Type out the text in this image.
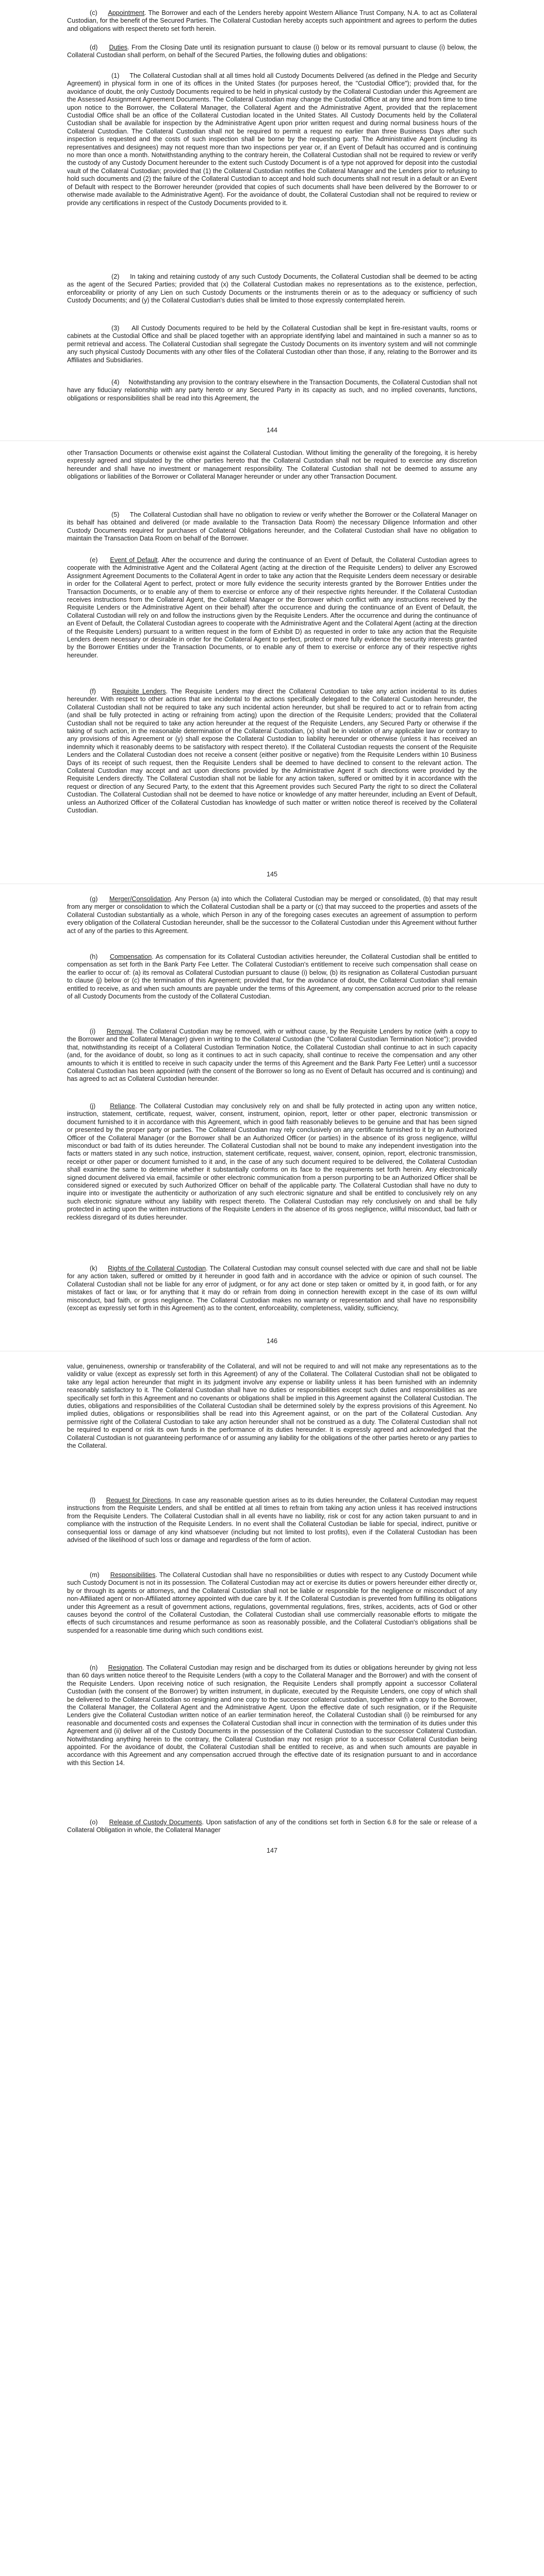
(c) Appointment. The Borrower and each of the Lenders hereby appoint Western Alliance Trust Company, N.A. to act as Collateral Custodian, for the benefit of the Secured Parties. The Collateral Custodian hereby accepts such appointment and agrees to perform the duties and obligations with respect thereto set forth herein.

(d) Duties. From the Closing Date until its resignation pursuant to clause (i) below or its removal pursuant to clause (i) below, the Collateral Custodian shall perform, on behalf of the Secured Parties, the following duties and obligations:

(1) The Collateral Custodian shall at all times hold all Custody Documents Delivered (as defined in the Pledge and Security Agreement) in physical form in one of its offices in the United States (for purposes hereof, the "Custodial Office"); provided that, for the avoidance of doubt, the only Custody Documents required to be held in physical custody by the Collateral Custodian under this Agreement are the Assessed Assignment Agreement Documents. The Collateral Custodian may change the Custodial Office at any time and from time to time upon notice to the Borrower, the Collateral Manager, the Collateral Agent and the Administrative Agent, provided that the replacement Custodial Office shall be an office of the Collateral Custodian located in the United States. All Custody Documents held by the Collateral Custodian shall be available for inspection by the Administrative Agent upon prior written request and during normal business hours of the Collateral Custodian. The Collateral Custodian shall not be required to permit a request no earlier than three Business Days after such inspection is requested and the costs of such inspection shall be borne by the requesting party. The Administrative Agent (including its representatives and designees) may not request more than two inspections per year or, if an Event of Default has occurred and is continuing no more than once a month. Notwithstanding anything to the contrary herein, the Collateral Custodian shall not be required to review or verify the custody of any Custody Document hereunder to the extent such Custody Document is of a type not approved for deposit into the custodial vault of the Collateral Custodian; provided that (1) the Collateral Custodian notifies the Collateral Manager and the Lenders prior to refusing to hold such documents and (2) the failure of the Collateral Custodian to accept and hold such documents shall not result in a default or an Event of Default with respect to the Borrower hereunder (provided that copies of such documents shall have been delivered by the Borrower to or otherwise made available to the Administrative Agent). For the avoidance of doubt, the Collateral Custodian shall not be required to review or provide any certifications in respect of the Custody Documents provided to it.

(2) In taking and retaining custody of any such Custody Documents, the Collateral Custodian shall be deemed to be acting as the agent of the Secured Parties; provided that (x) the Collateral Custodian makes no representations as to the existence, perfection, enforceability or priority of any Lien on such Custody Documents or the instruments therein or as to the adequacy or sufficiency of such Custody Documents; and (y) the Collateral Custodian's duties shall be limited to those expressly contemplated herein.

(3) All Custody Documents required to be held by the Collateral Custodian shall be kept in fire-resistant vaults, rooms or cabinets at the Custodial Office and shall be placed together with an appropriate identifying label and maintained in such a manner so as to permit retrieval and access. The Collateral Custodian shall segregate the Custody Documents on its inventory system and will not commingle any such physical Custody Documents with any other files of the Collateral Custodian other than those, if any, relating to the Borrower and its Affiliates and Subsidiaries.

(4) Notwithstanding any provision to the contrary elsewhere in the Transaction Documents, the Collateral Custodian shall not have any fiduciary relationship with any party hereto or any Secured Party in its capacity as such, and no implied covenants, functions, obligations or responsibilities shall be read into this Agreement, the

144

other Transaction Documents or otherwise exist against the Collateral Custodian. Without limiting the generality of the foregoing, it is hereby expressly agreed and stipulated by the other parties hereto that the Collateral Custodian shall not be required to exercise any discretion hereunder and shall have no investment or management responsibility. The Collateral Custodian shall not be deemed to assume any obligations or liabilities of the Borrower or Collateral Manager hereunder or under any other Transaction Document.

(5) The Collateral Custodian shall have no obligation to review or verify whether the Borrower or the Collateral Manager on its behalf has obtained and delivered (or made available to the Transaction Data Room) the necessary Diligence Information and other Custody Documents required for purchases of Collateral Obligations hereunder, and the Collateral Custodian shall have no obligation to maintain the Transaction Data Room on behalf of the Borrower.

(e) Event of Default. After the occurrence and during the continuance of an Event of Default, the Collateral Custodian agrees to cooperate with the Administrative Agent and the Collateral Agent (acting at the direction of the Requisite Lenders) to deliver any Escrowed Assignment Agreement Documents to the Collateral Agent in order to take any action that the Requisite Lenders deem necessary or desirable in order for the Collateral Agent to perfect, protect or more fully evidence the security interests granted by the Borrower Entities under the Transaction Documents, or to enable any of them to exercise or enforce any of their respective rights hereunder. If the Collateral Custodian receives instructions from the Collateral Agent, the Collateral Manager or the Borrower which conflict with any instructions received by the Requisite Lenders or the Administrative Agent on their behalf) after the occurrence and during the continuance of an Event of Default, the Collateral Custodian will rely on and follow the instructions given by the Requisite Lenders. After the occurrence and during the continuance of an Event of Default, the Collateral Custodian agrees to cooperate with the Administrative Agent and the Collateral Agent (acting at the direction of the Requisite Lenders) pursuant to a written request in the form of Exhibit D) as requested in order to take any action that the Requisite Lenders deem necessary or desirable in order for the Collateral Agent to perfect, protect or more fully evidence the security interests granted by the Borrower Entities under the Transaction Documents, or to enable any of them to exercise or enforce any of their respective rights hereunder.

(f) Requisite Lenders. The Requisite Lenders may direct the Collateral Custodian to take any action incidental to its duties hereunder. With respect to other actions that are incidental to the actions specifically delegated to the Collateral Custodian hereunder, the Collateral Custodian shall not be required to take any such incidental action hereunder, but shall be required to act or to refrain from acting (and shall be fully protected in acting or refraining from acting) upon the direction of the Requisite Lenders; provided that the Collateral Custodian shall not be required to take any action hereunder at the request of the Requisite Lenders, any Secured Party or otherwise if the taking of such action, in the reasonable determination of the Collateral Custodian, (x) shall be in violation of any applicable law or contrary to any provisions of this Agreement or (y) shall expose the Collateral Custodian to liability hereunder or otherwise (unless it has received an indemnity which it reasonably deems to be satisfactory with respect thereto). If the Collateral Custodian requests the consent of the Requisite Lenders and the Collateral Custodian does not receive a consent (either positive or negative) from the Requisite Lenders within 10 Business Days of its receipt of such request, then the Requisite Lenders shall be deemed to have declined to consent to the relevant action. The Collateral Custodian may accept and act upon directions provided by the Administrative Agent if such directions were provided by the Requisite Lenders directly. The Collateral Custodian shall not be liable for any action taken, suffered or omitted by it in accordance with the request or direction of any Secured Party, to the extent that this Agreement provides such Secured Party the right to so direct the Collateral Custodian. The Collateral Custodian shall not be deemed to have notice or knowledge of any matter hereunder, including an Event of Default, unless an Authorized Officer of the Collateral Custodian has knowledge of such matter or written notice thereof is received by the Collateral Custodian.

145

(g) Merger/Consolidation. Any Person (a) into which the Collateral Custodian may be merged or consolidated, (b) that may result from any merger or consolidation to which the Collateral Custodian shall be a party or (c) that may succeed to the properties and assets of the Collateral Custodian substantially as a whole, which Person in any of the foregoing cases executes an agreement of assumption to perform every obligation of the Collateral Custodian hereunder, shall be the successor to the Collateral Custodian under this Agreement without further act of any of the parties to this Agreement.

(h) Compensation. As compensation for its Collateral Custodian activities hereunder, the Collateral Custodian shall be entitled to compensation as set forth in the Bank Party Fee Letter. The Collateral Custodian's entitlement to receive such compensation shall cease on the earlier to occur of: (a) its removal as Collateral Custodian pursuant to clause (i) below, (b) its resignation as Collateral Custodian pursuant to clause (j) below or (c) the termination of this Agreement; provided that, for the avoidance of doubt, the Collateral Custodian shall remain entitled to receive, as and when such amounts are payable under the terms of this Agreement, any compensation accrued prior to the release of all Custody Documents from the custody of the Collateral Custodian.

(i) Removal. The Collateral Custodian may be removed, with or without cause, by the Requisite Lenders by notice (with a copy to the Borrower and the Collateral Manager) given in writing to the Collateral Custodian (the "Collateral Custodian Termination Notice"); provided that, notwithstanding its receipt of a Collateral Custodian Termination Notice, the Collateral Custodian shall continue to act in such capacity (and, for the avoidance of doubt, so long as it continues to act in such capacity, shall continue to receive the compensation and any other amounts to which it is entitled to receive in such capacity under the terms of this Agreement and the Bank Party Fee Letter) until a successor Collateral Custodian has been appointed (with the consent of the Borrower so long as no Event of Default has occurred and is continuing) and has agreed to act as Collateral Custodian hereunder.

(j) Reliance. The Collateral Custodian may conclusively rely on and shall be fully protected in acting upon any written notice, instruction, statement, certificate, request, waiver, consent, instrument, opinion, report, letter or other paper, electronic transmission or document furnished to it in accordance with this Agreement, which in good faith reasonably believes to be genuine and that has been signed or presented by the proper party or parties. The Collateral Custodian may rely conclusively on any certificate furnished to it by an Authorized Officer of the Collateral Manager (or the Borrower shall be an Authorized Officer (or parties) in the absence of its gross negligence, willful misconduct or bad faith of its duties hereunder. The Collateral Custodian shall not be bound to make any independent investigation into the facts or matters stated in any such notice, instruction, statement certificate, request, waiver, consent, opinion, report, electronic transmission, receipt or other paper or document furnished to it and, in the case of any such document required to be delivered, the Collateral Custodian shall examine the same to determine whether it substantially conforms on its face to the requirements set forth herein. Any electronically signed document delivered via email, facsimile or other electronic communication from a person purporting to be an Authorized Officer shall be considered signed or executed by such Authorized Officer on behalf of the applicable party. The Collateral Custodian shall have no duty to inquire into or investigate the authenticity or authorization of any such electronic signature and shall be entitled to conclusively rely on any such electronic signature without any liability with respect thereto. The Collateral Custodian may rely conclusively on and shall be fully protected in acting upon the written instructions of the Requisite Lenders in the absence of its gross negligence, willful misconduct, bad faith or reckless disregard of its duties hereunder.

(k) Rights of the Collateral Custodian. The Collateral Custodian may consult counsel selected with due care and shall not be liable for any action taken, suffered or omitted by it hereunder in good faith and in accordance with the advice or opinion of such counsel. The Collateral Custodian shall not be liable for any error of judgment, or for any act done or step taken or omitted by it, in good faith, or for any mistakes of fact or law, or for anything that it may do or refrain from doing in connection herewith except in the case of its own willful misconduct, bad faith, or gross negligence. The Collateral Custodian makes no warranty or representation and shall have no responsibility (except as expressly set forth in this Agreement) as to the content, enforceability, completeness, validity, sufficiency,

146

value, genuineness, ownership or transferability of the Collateral, and will not be required to and will not make any representations as to the validity or value (except as expressly set forth in this Agreement) of any of the Collateral. The Collateral Custodian shall not be obligated to take any legal action hereunder that might in its judgment involve any expense or liability unless it has been furnished with an indemnity reasonably satisfactory to it. The Collateral Custodian shall have no duties or responsibilities except such duties and responsibilities as are specifically set forth in this Agreement and no covenants or obligations shall be implied in this Agreement against the Collateral Custodian. The duties, obligations and responsibilities of the Collateral Custodian shall be determined solely by the express provisions of this Agreement. No implied duties, obligations or responsibilities shall be read into this Agreement against, or on the part of the Collateral Custodian. Any permissive right of the Collateral Custodian to take any action hereunder shall not be construed as a duty. The Collateral Custodian shall not be required to expend or risk its own funds in the performance of its duties hereunder. It is expressly agreed and acknowledged that the Collateral Custodian is not guaranteeing performance of or assuming any liability for the obligations of the other parties hereto or any parties to the Collateral.

(l) Request for Directions. In case any reasonable question arises as to its duties hereunder, the Collateral Custodian may request instructions from the Requisite Lenders, and shall be entitled at all times to refrain from taking any action unless it has received instructions from the Requisite Lenders. The Collateral Custodian shall in all events have no liability, risk or cost for any action taken pursuant to and in compliance with the instruction of the Requisite Lenders. In no event shall the Collateral Custodian be liable for special, indirect, punitive or consequential loss or damage of any kind whatsoever (including but not limited to lost profits), even if the Collateral Custodian has been advised of the likelihood of such loss or damage and regardless of the form of action.

(m) Responsibilities. The Collateral Custodian shall have no responsibilities or duties with respect to any Custody Document while such Custody Document is not in its possession. The Collateral Custodian may act or exercise its duties or powers hereunder either directly or, by or through its agents or attorneys, and the Collateral Custodian shall not be liable or responsible for the negligence or misconduct of any non-Affiliated agent or non-Affiliated attorney appointed with due care by it. If the Collateral Custodian is prevented from fulfilling its obligations under this Agreement as a result of government actions, regulations, governmental regulations, fires, strikes, accidents, acts of God or other causes beyond the control of the Collateral Custodian, the Collateral Custodian shall use commercially reasonable efforts to mitigate the effects of such circumstances and resume performance as soon as reasonably possible, and the Collateral Custodian's obligations shall be suspended for a reasonable time during which such conditions exist.

(n) Resignation. The Collateral Custodian may resign and be discharged from its duties or obligations hereunder by giving not less than 60 days written notice thereof to the Requisite Lenders (with a copy to the Collateral Manager and the Borrower) and with the consent of the Requisite Lenders. Upon receiving notice of such resignation, the Requisite Lenders shall promptly appoint a successor Collateral Custodian (with the consent of the Borrower) by written instrument, in duplicate, executed by the Requisite Lenders, one copy of which shall be delivered to the Collateral Custodian so resigning and one copy to the successor collateral custodian, together with a copy to the Borrower, the Collateral Manager, the Collateral Agent and the Administrative Agent. Upon the effective date of such resignation, or if the Requisite Lenders give the Collateral Custodian written notice of an earlier termination hereof, the Collateral Custodian shall (i) be reimbursed for any reasonable and documented costs and expenses the Collateral Custodian shall incur in connection with the termination of its duties under this Agreement and (ii) deliver all of the Custody Documents in the possession of the Collateral Custodian to the successor Collateral Custodian. Notwithstanding anything herein to the contrary, the Collateral Custodian may not resign prior to a successor Collateral Custodian being appointed. For the avoidance of doubt, the Collateral Custodian shall be entitled to receive, as and when such amounts are payable in accordance with this Agreement and any compensation accrued through the effective date of its resignation pursuant to and in accordance with this Section 14.

(o) Release of Custody Documents. Upon satisfaction of any of the conditions set forth in Section 6.8 for the sale or release of a Collateral Obligation in whole, the Collateral Manager

147
